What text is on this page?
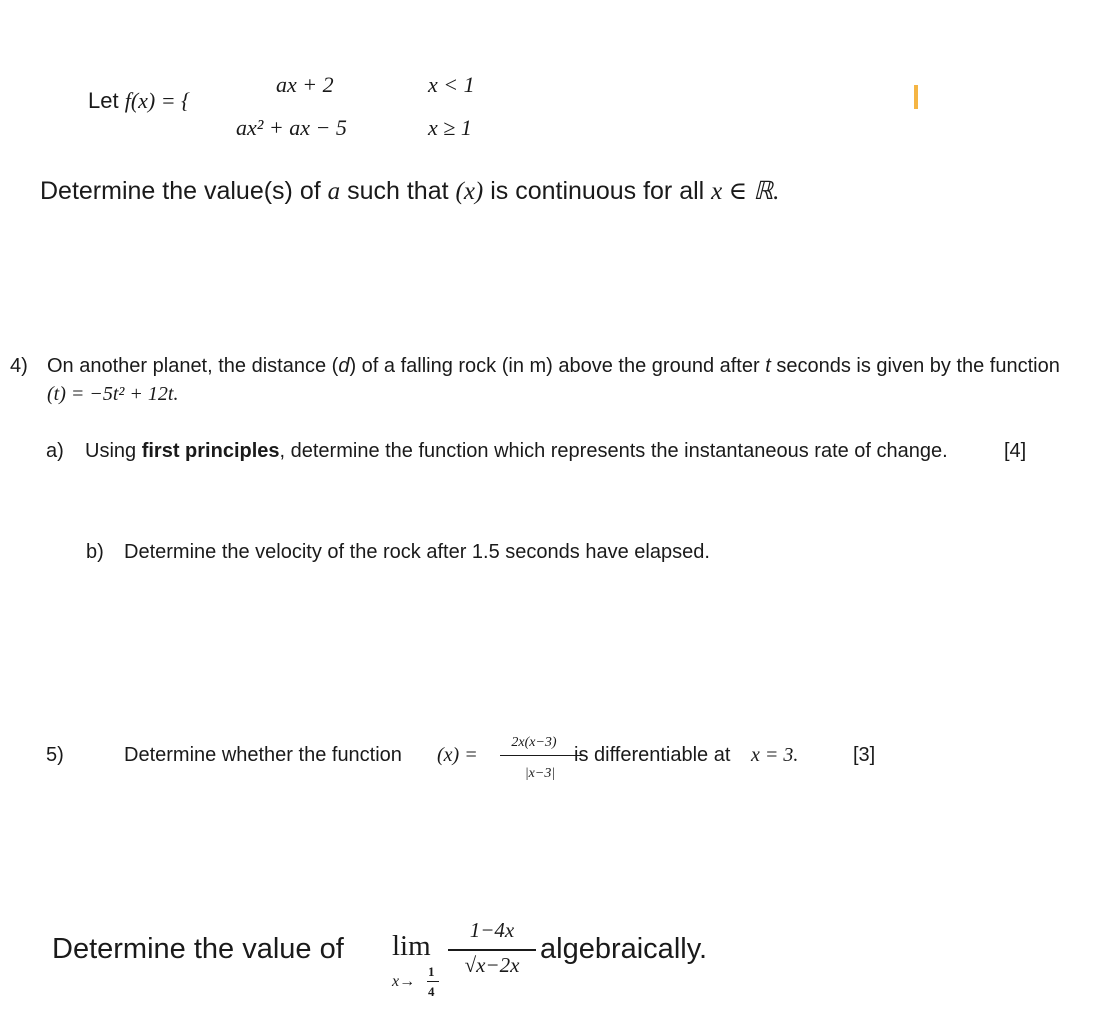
Let f(x) = {
ax + 2	x < 1
ax² + ax − 5	x ≥ 1
Determine the value(s) of a such that (x) is continuous for all x ∈ ℝ.
4) On another planet, the distance (d) of a falling rock (in m) above the ground after t seconds is given by the function
(t) = −5t² + 12t.
a) Using first principles, determine the function which represents the instantaneous rate of change.	[4]
b) Determine the velocity of the rock after 1.5 seconds have elapsed.
5)	Determine whether the function (x) =
2x(x−3)
|x−3|
is differentiable at x = 3.	[3]
Determine the value of lim
x→
1
4
1−4x
√x−2x algebraically.
